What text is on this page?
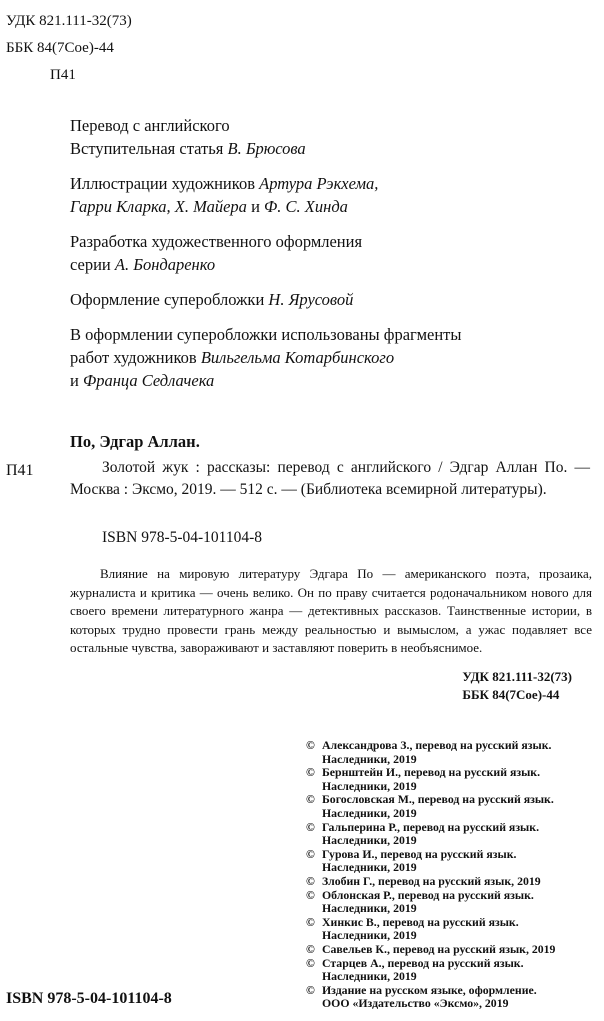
УДК 821.111-32(73)
ББК 84(7Сое)-44
П41

Перевод с английского
Вступительная статья В. Брюсова

Иллюстрации художников Артура Рэкхема,
Гарри Кларка, Х. Майера и Ф. С. Хинда

Разработка художественного оформления
серии А. Бондаренко

Оформление суперобложки Н. Ярусовой

В оформлении суперобложки использованы фрагменты
работ художников Вильгельма Котарбинского
и Франца Седлачека

По, Эдгар Аллан.
П41	Золотой жук : рассказы: перевод с английского / Эдгар Аллан По. — Москва : Эксмо, 2019. — 512 с. — (Библиотека всемирной литературы).
ISBN 978-5-04-101104-8
Влияние на мировую литературу Эдгара По — американского поэта, прозаика, журналиста и критика — очень велико. Он по праву считается родоначальником нового для своего времени литературного жанра — детективных рассказов. Таинственные истории, в которых трудно провести грань между реальностью и вымыслом, а ужас подавляет все остальные чувства, завораживают и заставляют поверить в необъяснимое.
УДК 821.111-32(73)
ББК 84(7Сое)-44
© Александрова З., перевод на русский язык.
Наследники, 2019
© Бернштейн И., перевод на русский язык.
Наследники, 2019
© Богословская М., перевод на русский язык.
Наследники, 2019
© Гальперина Р., перевод на русский язык.
Наследники, 2019
© Гурова И., перевод на русский язык.
Наследники, 2019
© Злобин Г., перевод на русский язык, 2019
© Облонская Р., перевод на русский язык.
Наследники, 2019
© Хинкис В., перевод на русский язык.
Наследники, 2019
© Савельев К., перевод на русский язык, 2019
© Старцев А., перевод на русский язык.
Наследники, 2019
© Издание на русском языке, оформление.
ООО «Издательство «Эксмо», 2019
ISBN 978-5-04-101104-8
